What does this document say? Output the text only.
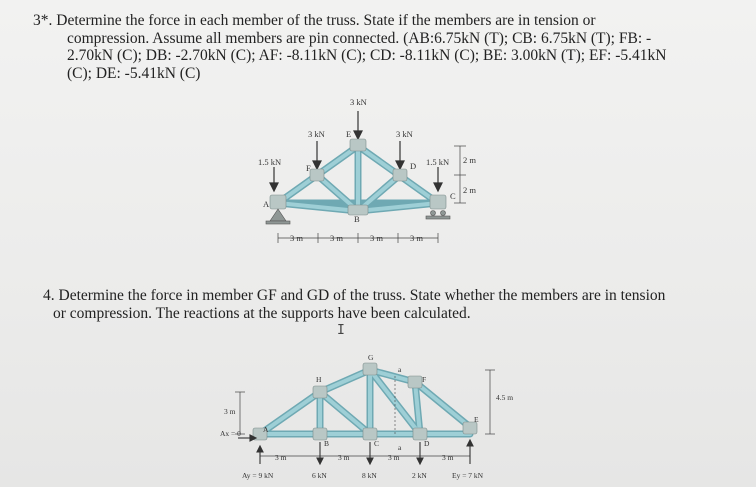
3*. Determine the force in each member of the truss. State if the members are in tension or
compression. Assume all members are pin connected. (AB:6.75kN (T); CB: 6.75kN (T); FB: -
2.70kN (C); DB: -2.70kN (C); AF: -8.11kN (C); CD: -8.11kN (C); BE: 3.00kN (T); EF: -5.41kN
(C); DE: -5.41kN (C)
3 kN
3 kN	3 kN
1.5 kN	1.5 kN
A
B
C
D
E
F
2 m
2 m
3 m	3 m	3 m	3 m
4. Determine the force in member GF and GD of the truss. State whether the members are in tension
or compression. The reactions at the supports have been calculated.
I
G
H	F
A
B	C	D
E
a
a
3 m
4.5 m
Ax = 0
3 m	3 m	3 m	3 m
Ay = 9 kN	6 kN	8 kN	2 kN	Ey = 7 kN
